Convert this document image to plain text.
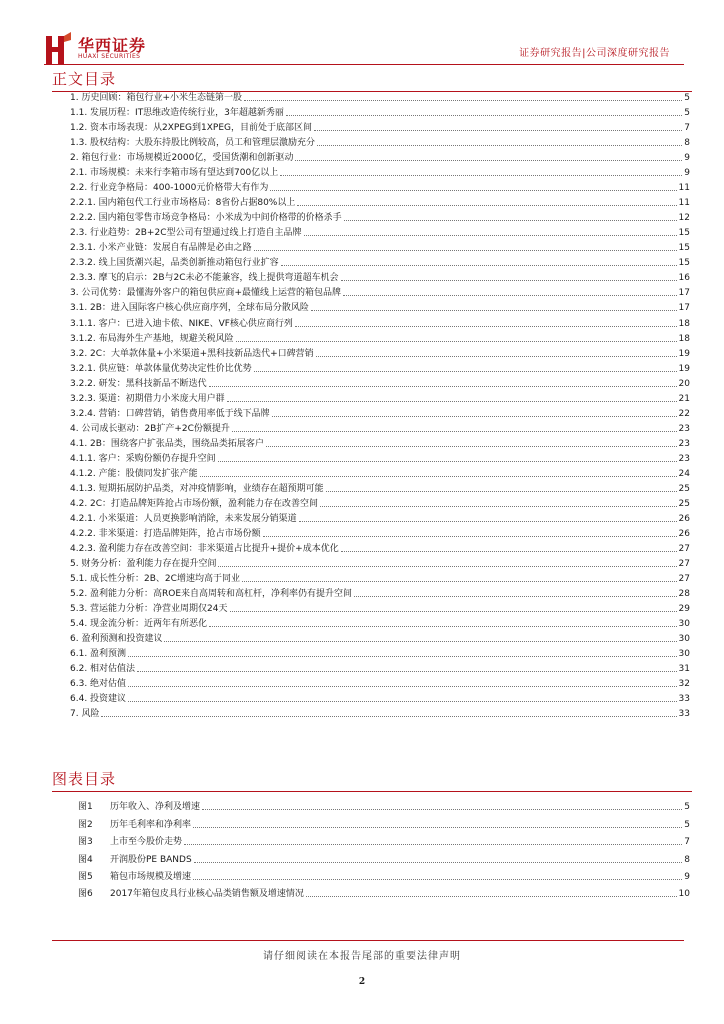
华西证券
HUAXI SECURITIES	证券研究报告|公司深度研究报告
正文目录
1. 历史回顾：箱包行业+小米生态链第一股	5
1.1. 发展历程：IT思维改造传统行业，3年超越新秀丽	5
1.2. 资本市场表现：从2XPEG到1XPEG，目前处于底部区间	7
1.3. 股权结构：大股东持股比例较高，员工和管理层激励充分	8
2. 箱包行业：市场规模近2000亿，受国货潮和创新驱动	9
2.1. 市场规模：未来行李箱市场有望达到700亿以上	9
2.2. 行业竞争格局：400-1000元价格带大有作为	11
2.2.1. 国内箱包代工行业市场格局：8省份占据80%以上	11
2.2.2. 国内箱包零售市场竞争格局：小米成为中间价格带的价格杀手	12
2.3. 行业趋势：2B+2C型公司有望通过线上打造自主品牌	15
2.3.1. 小米产业链：发展自有品牌是必由之路	15
2.3.2. 线上国货潮兴起，品类创新推动箱包行业扩容	15
2.3.3. 摩飞的启示：2B与2C未必不能兼容，线上提供弯道超车机会	16
3. 公司优势：最懂海外客户的箱包供应商+最懂线上运营的箱包品牌	17
3.1. 2B：进入国际客户核心供应商序列，全球布局分散风险	17
3.1.1. 客户：已进入迪卡侬、NIKE、VF核心供应商行列	18
3.1.2. 布局海外生产基地，规避关税风险	18
3.2. 2C：大单款体量+小米渠道+黑科技新品迭代+口碑营销	19
3.2.1. 供应链：单款体量优势决定性价比优势	19
3.2.2. 研发：黑科技新品不断迭代	20
3.2.3. 渠道：初期借力小米庞大用户群	21
3.2.4. 营销：口碑营销，销售费用率低于线下品牌	22
4. 公司成长驱动：2B扩产+2C份额提升	23
4.1. 2B：围绕客户扩张品类，围绕品类拓展客户	23
4.1.1. 客户：采购份额仍存提升空间	23
4.1.2. 产能：股债同发扩张产能	24
4.1.3. 短期拓展防护品类，对冲疫情影响，业绩存在超预期可能	25
4.2. 2C：打造品牌矩阵抢占市场份额，盈利能力存在改善空间	25
4.2.1. 小米渠道：人员更换影响消除，未来发展分销渠道	26
4.2.2. 非米渠道：打造品牌矩阵，抢占市场份额	26
4.2.3. 盈利能力存在改善空间：非米渠道占比提升+提价+成本优化	27
5. 财务分析：盈利能力存在提升空间	27
5.1. 成长性分析：2B、2C增速均高于同业	27
5.2. 盈利能力分析：高ROE来自高周转和高杠杆，净利率仍有提升空间	28
5.3. 营运能力分析：净营业周期仅24天	29
5.4. 现金流分析：近两年有所恶化	30
6. 盈利预测和投资建议	30
6.1. 盈利预测	30
6.2. 相对估值法	31
6.3. 绝对估值	32
6.4. 投资建议	33
7. 风险	33
图表目录
图1	历年收入、净利及增速	5
图2	历年毛利率和净利率	5
图3	上市至今股价走势	7
图4	开润股份PE BANDS	8
图5	箱包市场规模及增速	9
图6	2017年箱包皮具行业核心品类销售额及增速情况	10
请仔细阅读在本报告尾部的重要法律声明
2
